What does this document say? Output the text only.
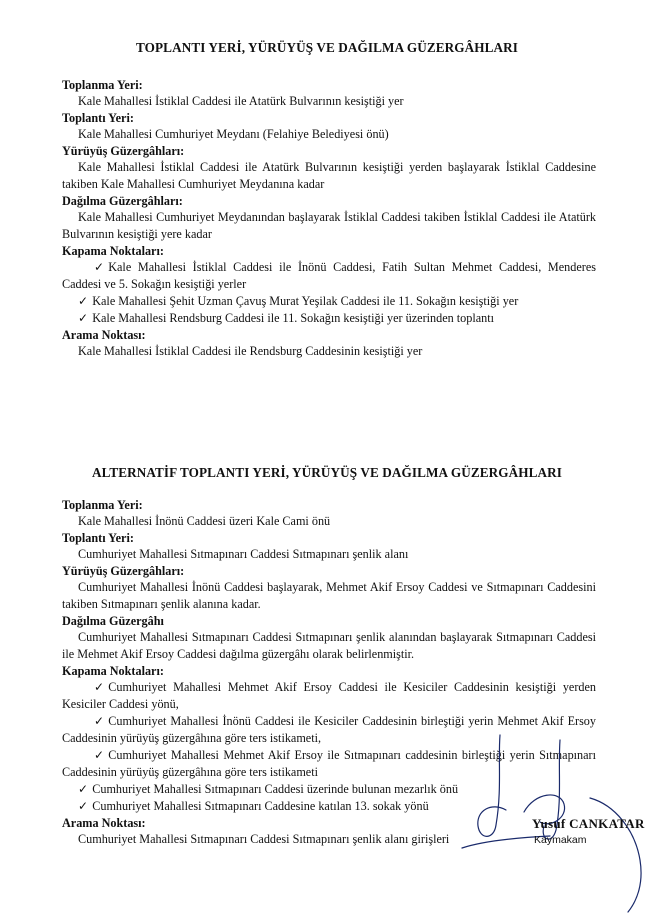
TOPLANTI YERİ, YÜRÜYÜŞ VE DAĞILMA GÜZERGÂHLARI
Toplanma Yeri:
Kale Mahallesi İstiklal Caddesi ile Atatürk Bulvarının kesiştiği yer
Toplantı Yeri:
Kale Mahallesi Cumhuriyet Meydanı (Felahiye Belediyesi önü)
Yürüyüş Güzergâhları:
Kale Mahallesi İstiklal Caddesi ile Atatürk Bulvarının kesiştiği yerden başlayarak İstiklal Caddesine takiben Kale Mahallesi Cumhuriyet Meydanına kadar
Dağılma Güzergâhları:
Kale Mahallesi Cumhuriyet Meydanından başlayarak İstiklal Caddesi takiben İstiklal Caddesi ile Atatürk Bulvarının kesiştiği yere kadar
Kapama Noktaları:
✓ Kale Mahallesi İstiklal Caddesi ile İnönü Caddesi, Fatih Sultan Mehmet Caddesi, Menderes Caddesi ve 5. Sokağın kesiştiği yerler
✓ Kale Mahallesi Şehit Uzman Çavuş Murat Yeşilak Caddesi ile 11. Sokağın kesiştiği yer
✓ Kale Mahallesi Rendsburg Caddesi ile 11. Sokağın kesiştiği yer üzerinden toplantı
Arama Noktası:
Kale Mahallesi İstiklal Caddesi ile Rendsburg Caddesinin kesiştiği yer
ALTERNATİF TOPLANTI YERİ, YÜRÜYÜŞ VE DAĞILMA GÜZERGÂHLARI
Toplanma Yeri:
Kale Mahallesi İnönü Caddesi üzeri Kale Cami önü
Toplantı Yeri:
Cumhuriyet Mahallesi Sıtmapınarı Caddesi Sıtmapınarı şenlik alanı
Yürüyüş Güzergâhları:
Cumhuriyet Mahallesi İnönü Caddesi başlayarak, Mehmet Akif Ersoy Caddesi ve Sıtmapınarı Caddesini takiben Sıtmapınarı şenlik alanına kadar.
Dağılma Güzergâhı
Cumhuriyet Mahallesi Sıtmapınarı Caddesi Sıtmapınarı şenlik alanından başlayarak Sıtmapınarı Caddesi ile Mehmet Akif Ersoy Caddesi dağılma güzergâhı olarak belirlenmiştir.
Kapama Noktaları:
✓ Cumhuriyet Mahallesi Mehmet Akif Ersoy Caddesi ile Kesiciler Caddesinin kesiştiği yerden Kesiciler Caddesi yönü,
✓ Cumhuriyet Mahallesi İnönü Caddesi ile Kesiciler Caddesinin birleştiği yerin Mehmet Akif Ersoy Caddesinin yürüyüş güzergâhına göre ters istikameti,
✓ Cumhuriyet Mahallesi Mehmet Akif Ersoy ile Sıtmapınarı caddesinin birleştiği yerin Sıtmapınarı Caddesinin yürüyüş güzergâhına göre ters istikameti
✓ Cumhuriyet Mahallesi Sıtmapınarı Caddesi üzerinde bulunan mezarlık önü
✓ Cumhuriyet Mahallesi Sıtmapınarı Caddesine katılan 13. sokak yönü
Arama Noktası:
Cumhuriyet Mahallesi Sıtmapınarı Caddesi Sıtmapınarı şenlik alanı girişleri
Yusuf CANKATAR
Kaymakam
